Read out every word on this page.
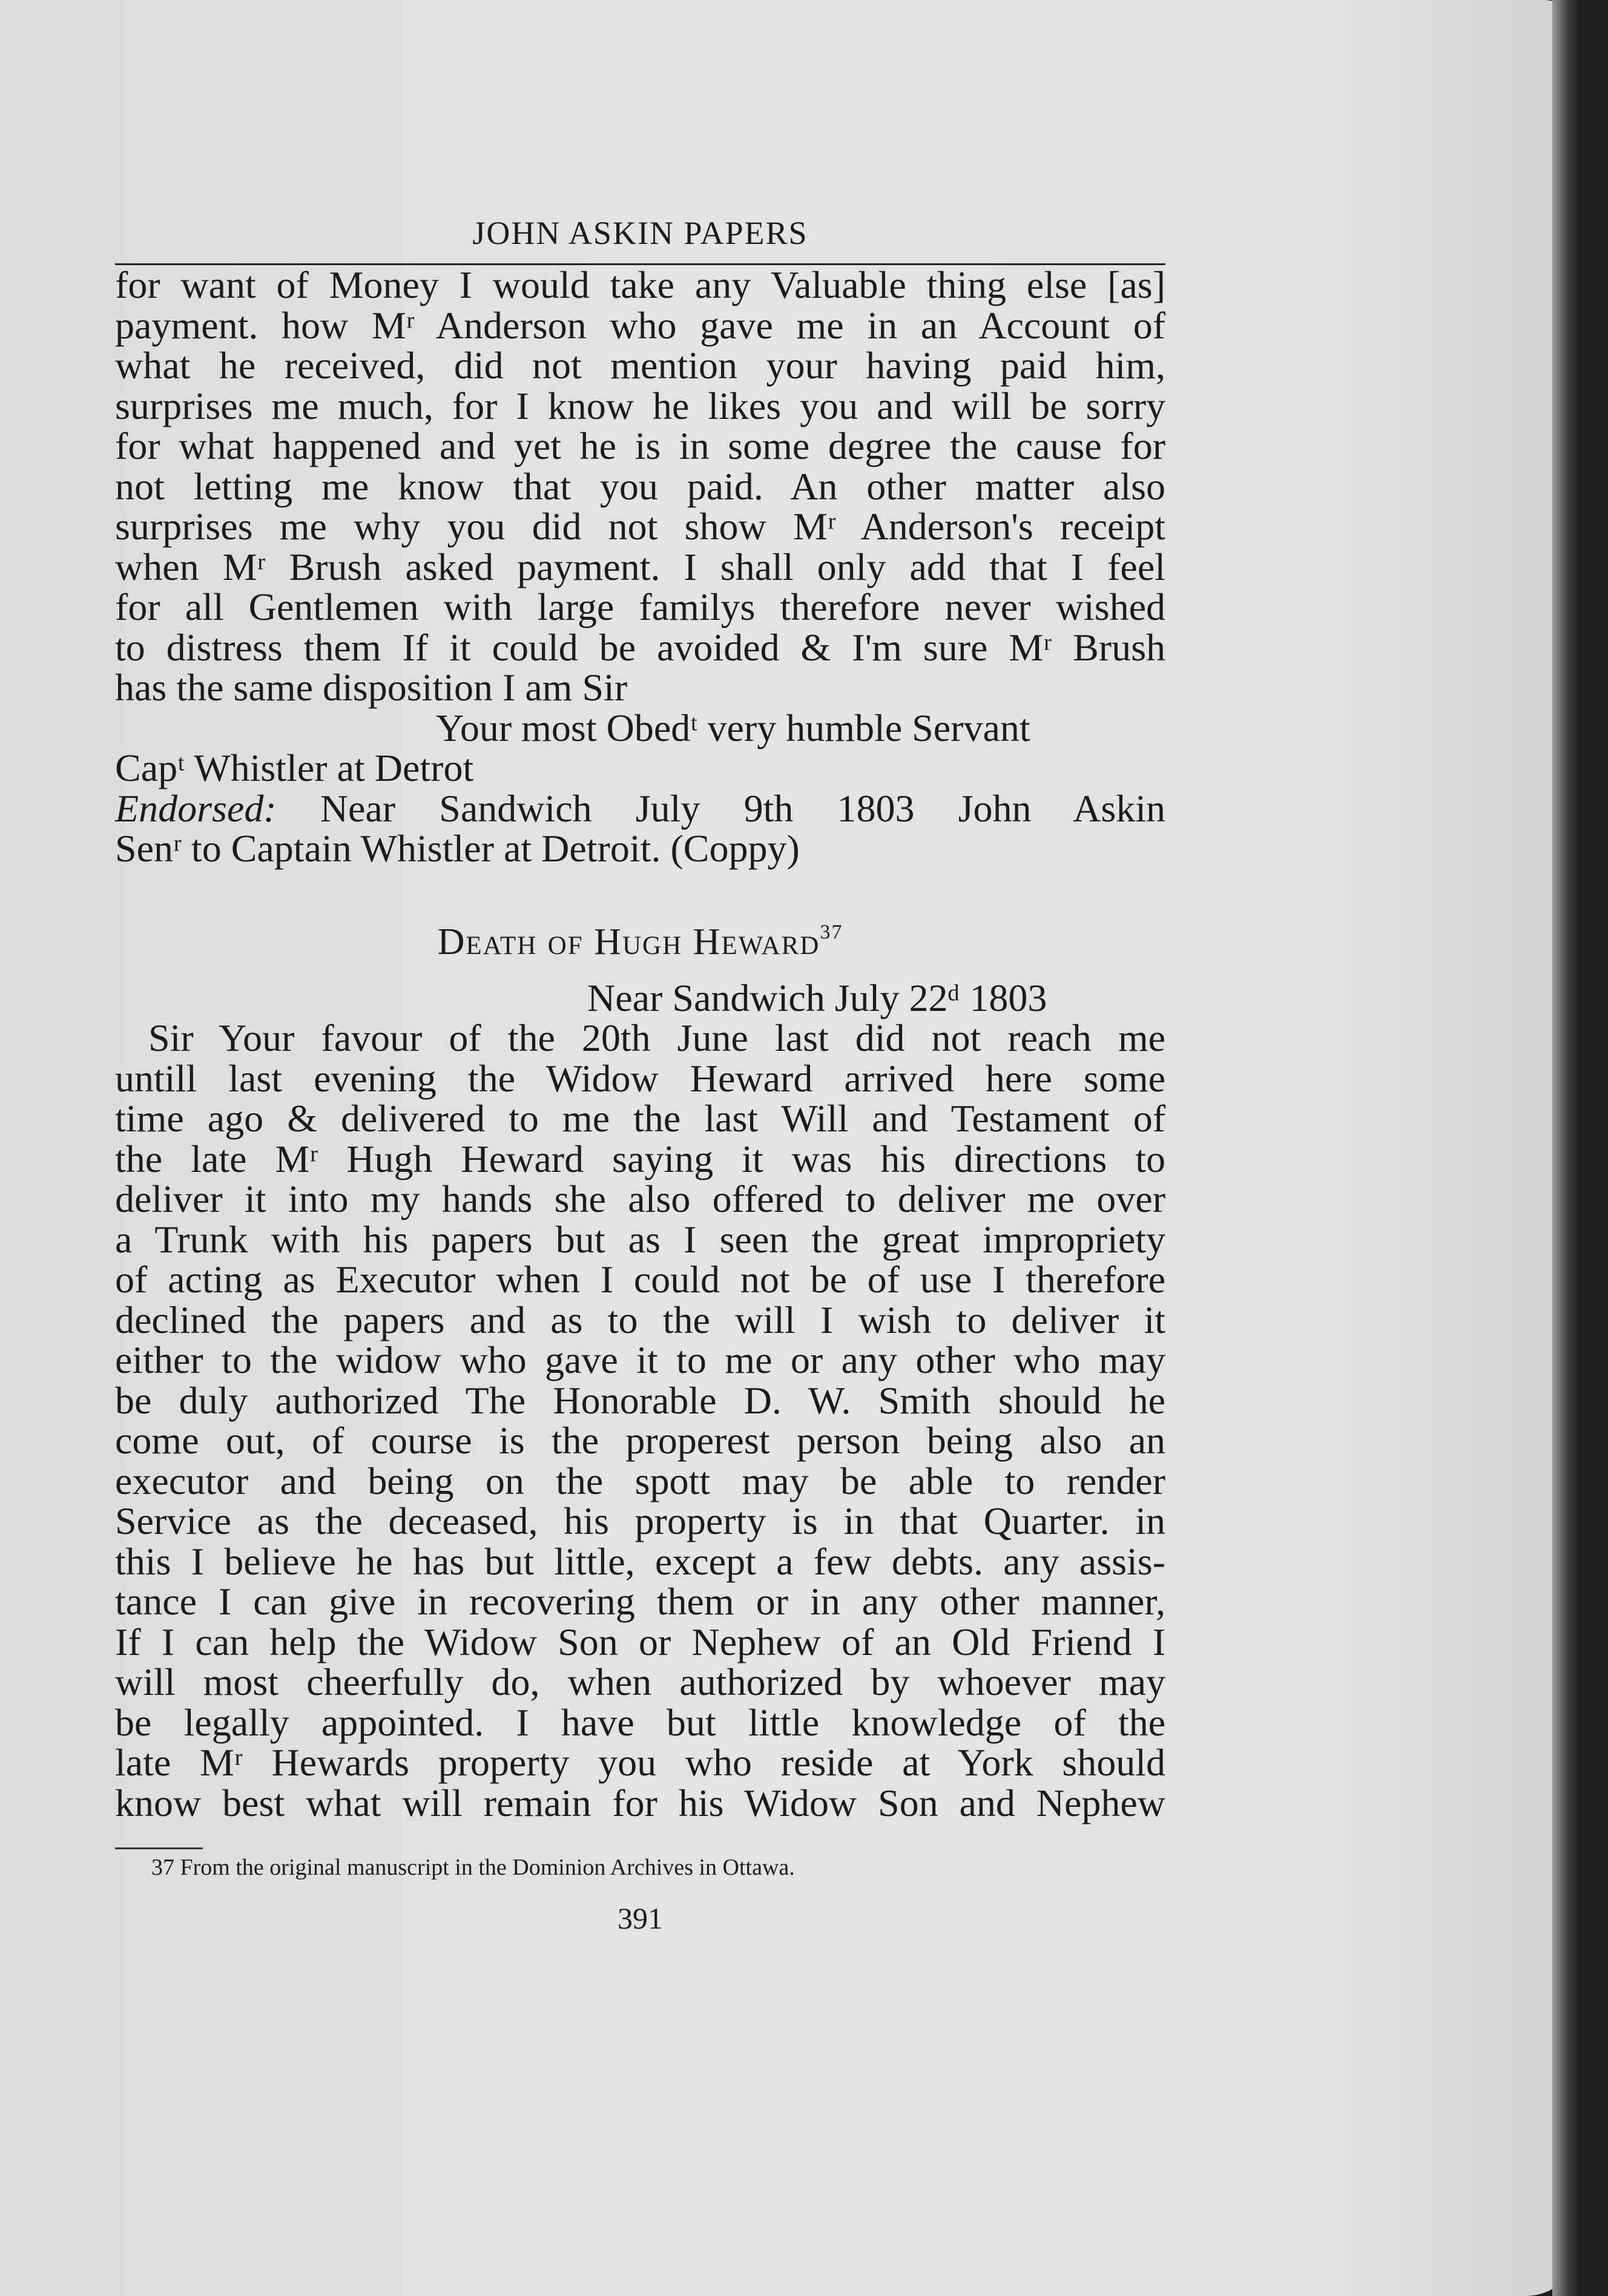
JOHN ASKIN PAPERS
for want of Money I would take any Valuable thing else [as]
payment. how Mʳ Anderson who gave me in an Account of
what he received, did not mention your having paid him,
surprises me much, for I know he likes you and will be sorry
for what happened and yet he is in some degree the cause for
not letting me know that you paid. An other matter also
surprises me why you did not show Mʳ Anderson's receipt
when Mʳ Brush asked payment. I shall only add that I feel
for all Gentlemen with large familys therefore never wished
to distress them If it could be avoided & I'm sure Mʳ Brush
has the same disposition I am Sir
Your most Obedᵗ very humble Servant
Capᵗ Whistler at Detrot
Endorsed: Near Sandwich July 9th 1803 John Askin
Senʳ to Captain Whistler at Detroit. (Coppy)
Death of Hugh Heward$^{37}$
Near Sandwich July 22ᵈ 1803
Sir Your favour of the 20th June last did not reach me
untill last evening the Widow Heward arrived here some
time ago & delivered to me the last Will and Testament of
the late Mʳ Hugh Heward saying it was his directions to
deliver it into my hands she also offered to deliver me over
a Trunk with his papers but as I seen the great impropriety
of acting as Executor when I could not be of use I therefore
declined the papers and as to the will I wish to deliver it
either to the widow who gave it to me or any other who may
be duly authorized The Honorable D. W. Smith should he
come out, of course is the properest person being also an
executor and being on the spott may be able to render
Service as the deceased, his property is in that Quarter. in
this I believe he has but little, except a few debts. any assis-
tance I can give in recovering them or in any other manner,
If I can help the Widow Son or Nephew of an Old Friend I
will most cheerfully do, when authorized by whoever may
be legally appointed. I have but little knowledge of the
late Mʳ Hewards property you who reside at York should
know best what will remain for his Widow Son and Nephew
37 From the original manuscript in the Dominion Archives in Ottawa.
391
